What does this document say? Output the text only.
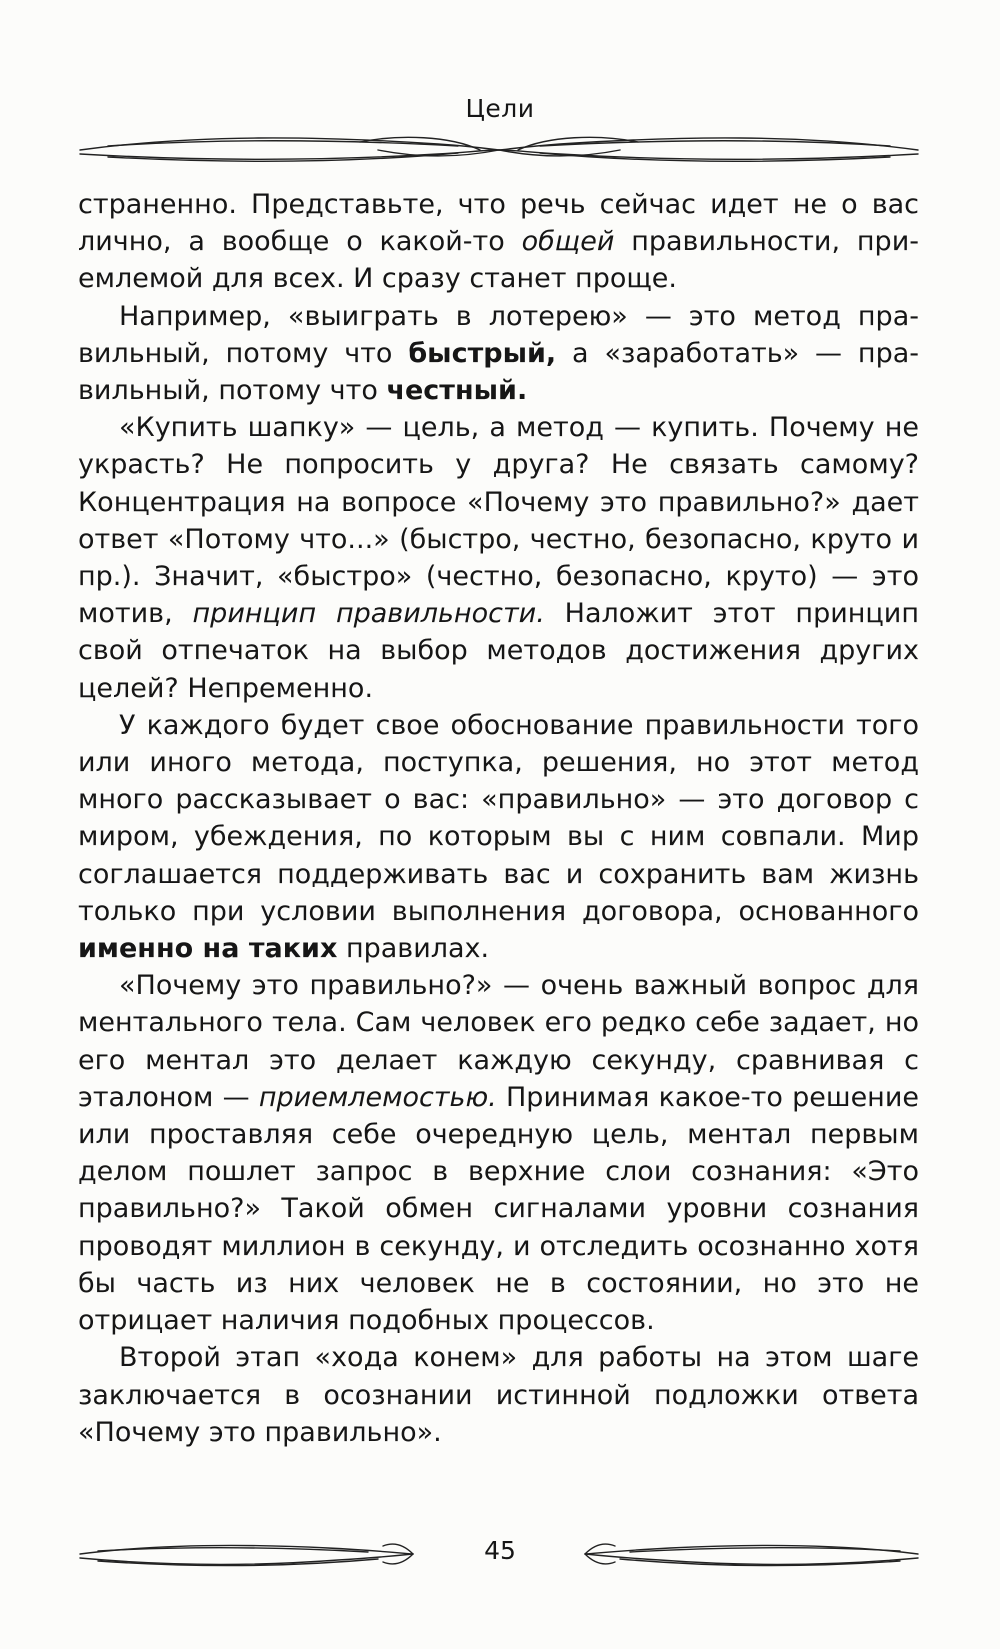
Цели

страненно. Представьте, что речь сейчас идет не о вас лично, а вообще о какой-то общей правильности, приемлемой для всех. И сразу станет проще.

Например, «выиграть в лотерею» — это метод правильный, потому что быстрый, а «заработать» — правильный, потому что честный.

«Купить шапку» — цель, а метод — купить. Почему не украсть? Не попросить у друга? Не связать самому? Концентрация на вопросе «Почему это правильно?» дает ответ «Потому что...» (быстро, честно, безопасно, круто и пр.). Значит, «быстро» (честно, безопасно, круто) — это мотив, принцип правильности. Наложит этот принцип свой отпечаток на выбор методов достижения других целей? Непременно.

У каждого будет свое обоснование правильности того или иного метода, поступка, решения, но этот метод много рассказывает о вас: «правильно» — это договор с миром, убеждения, по которым вы с ним совпали. Мир соглашается поддерживать вас и сохранить вам жизнь только при условии выполнения договора, основанного именно на таких правилах.

«Почему это правильно?» — очень важный вопрос для ментального тела. Сам человек его редко себе задает, но его ментал это делает каждую секунду, сравнивая с эталоном — приемлемостью. Принимая какое-то решение или проставляя себе очередную цель, ментал первым делом пошлет запрос в верхние слои сознания: «Это правильно?» Такой обмен сигналами уровни сознания проводят миллион в секунду, и отследить осознанно хотя бы часть из них человек не в состоянии, но это не отрицает наличия подобных процессов.

Второй этап «хода конем» для работы на этом шаге заключается в осознании истинной подложки ответа «Почему это правильно».

45
